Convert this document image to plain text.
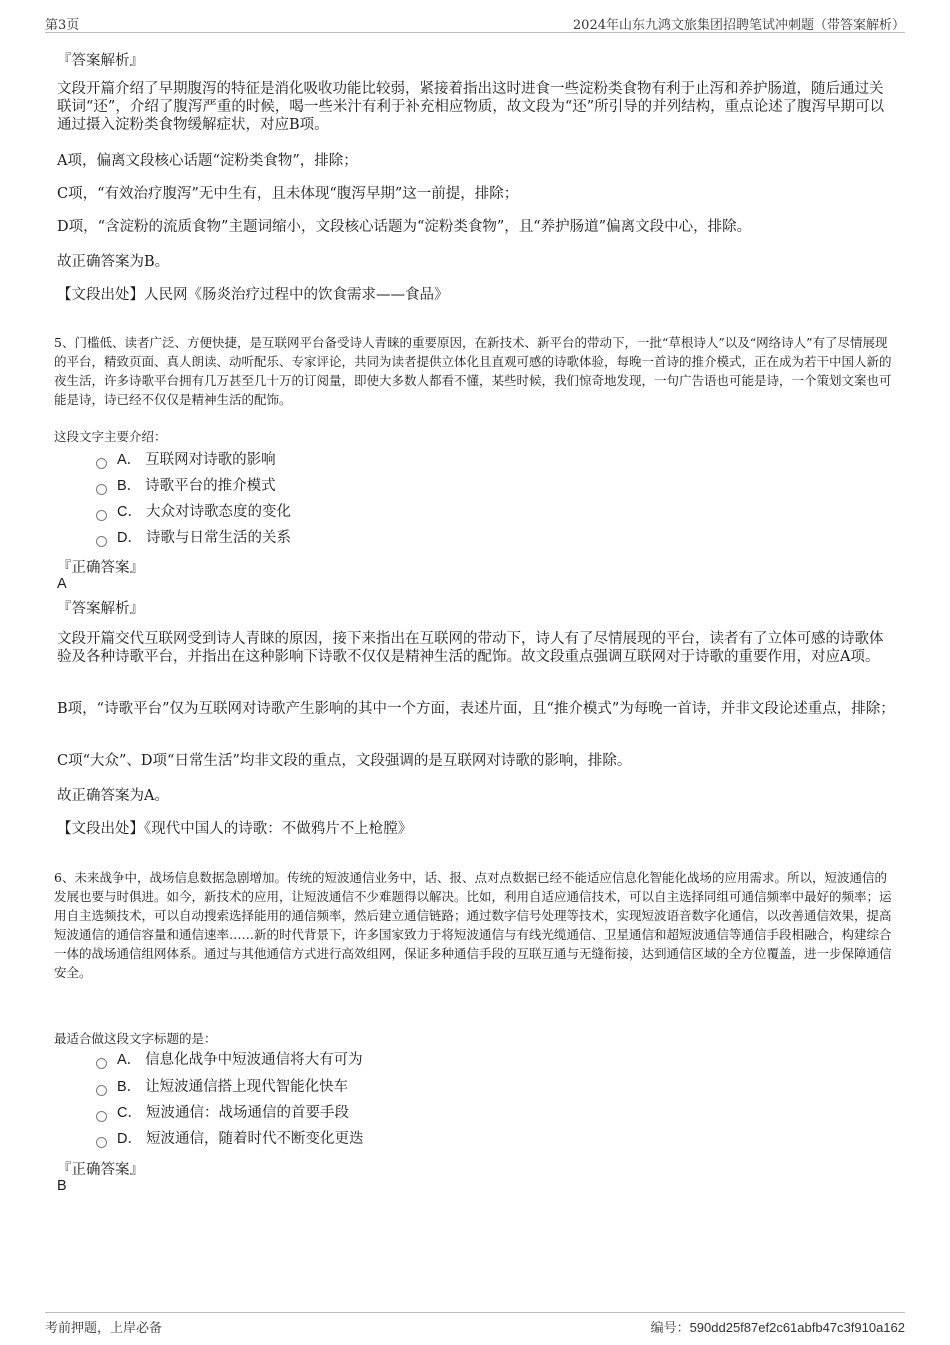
第3页	2024年山东九鸿文旅集团招聘笔试冲刺题（带答案解析）
『答案解析』

文段开篇介绍了早期腹泻的特征是消化吸收功能比较弱，紧接着指出这时进食一些淀粉类食物有利于止泻和养护肠道，随后通过关联词“还”，介绍了腹泻严重的时候，喝一些米汁有利于补充相应物质，故文段为“还”所引导的并列结构，重点论述了腹泻早期可以通过摄入淀粉类食物缓解症状，对应B项。

A项，偏离文段核心话题“淀粉类食物”，排除；

C项，“有效治疗腹泻”无中生有，且未体现“腹泻早期”这一前提，排除；

D项，“含淀粉的流质食物”主题词缩小，文段核心话题为“淀粉类食物”，且“养护肠道”偏离文段中心，排除。

故正确答案为B。

【文段出处】人民网《肠炎治疗过程中的饮食需求——食品》

5、门槛低、读者广泛、方便快捷，是互联网平台备受诗人青睐的重要原因，在新技术、新平台的带动下，一批“草根诗人”以及“网络诗人”有了尽情展现的平台，精致页面、真人朗读、动听配乐、专家评论，共同为读者提供立体化且直观可感的诗歌体验，每晚一首诗的推介模式，正在成为若干中国人新的夜生活，许多诗歌平台拥有几万甚至几十万的订阅量，即使大多数人都看不懂，某些时候，我们惊奇地发现，一句广告语也可能是诗，一个策划文案也可能是诗，诗已经不仅仅是精神生活的配饰。

这段文字主要介绍：

A． 互联网对诗歌的影响
B． 诗歌平台的推介模式
C． 大众对诗歌态度的变化
D． 诗歌与日常生活的关系
『正确答案』
A
『答案解析』

文段开篇交代互联网受到诗人青睐的原因，接下来指出在互联网的带动下，诗人有了尽情展现的平台，读者有了立体可感的诗歌体验及各种诗歌平台，并指出在这种影响下诗歌不仅仅是精神生活的配饰。故文段重点强调互联网对于诗歌的重要作用，对应A项。

B项，“诗歌平台”仅为互联网对诗歌产生影响的其中一个方面，表述片面，且“推介模式”为每晚一首诗，并非文段论述重点，排除；

C项“大众”、D项“日常生活”均非文段的重点，文段强调的是互联网对诗歌的影响，排除。

故正确答案为A。

【文段出处】《现代中国人的诗歌：不做鸦片不上枪膛》

6、未来战争中，战场信息数据急剧增加。传统的短波通信业务中，话、报、点对点数据已经不能适应信息化智能化战场的应用需求。所以，短波通信的发展也要与时俱进。如今，新技术的应用，让短波通信不少难题得以解决。比如，利用自适应通信技术，可以自主选择同组可通信频率中最好的频率；运用自主选频技术，可以自动搜索选择能用的通信频率，然后建立通信链路；通过数字信号处理等技术，实现短波语音数字化通信，以改善通信效果，提高短波通信的通信容量和通信速率……新的时代背景下，许多国家致力于将短波通信与有线光缆通信、卫星通信和超短波通信等通信手段相融合，构建综合一体的战场通信组网体系。通过与其他通信方式进行高效组网，保证多种通信手段的互联互通与无缝衔接，达到通信区域的全方位覆盖，进一步保障通信安全。

最适合做这段文字标题的是：

A． 信息化战争中短波通信将大有可为
B． 让短波通信搭上现代智能化快车
C． 短波通信：战场通信的首要手段
D． 短波通信，随着时代不断变化更迭
『正确答案』
B
考前押题，上岸必备	编号：590dd25f87ef2c61abfb47c3f910a162
